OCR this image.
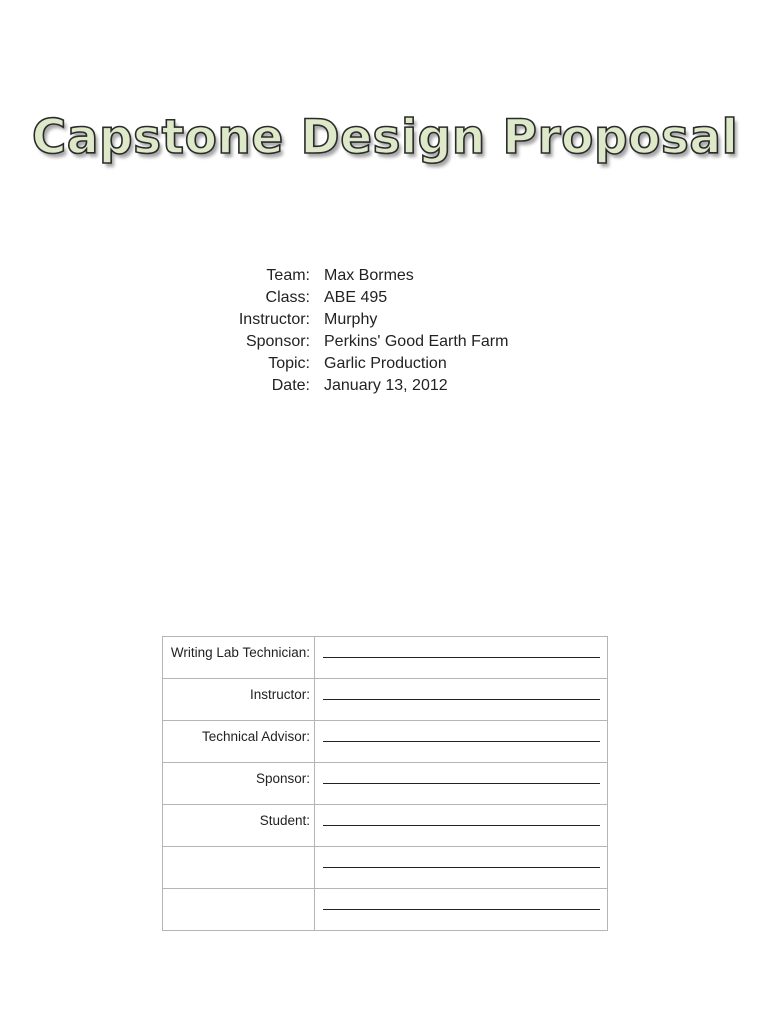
Capstone Design Proposal
Team: Max Bormes
Class: ABE 495
Instructor: Murphy
Sponsor: Perkins' Good Earth Farm
Topic: Garlic Production
Date: January 13, 2012
Writing Lab Technician:	

Instructor:	

Technical Advisor:	

Sponsor:	

Student:	
